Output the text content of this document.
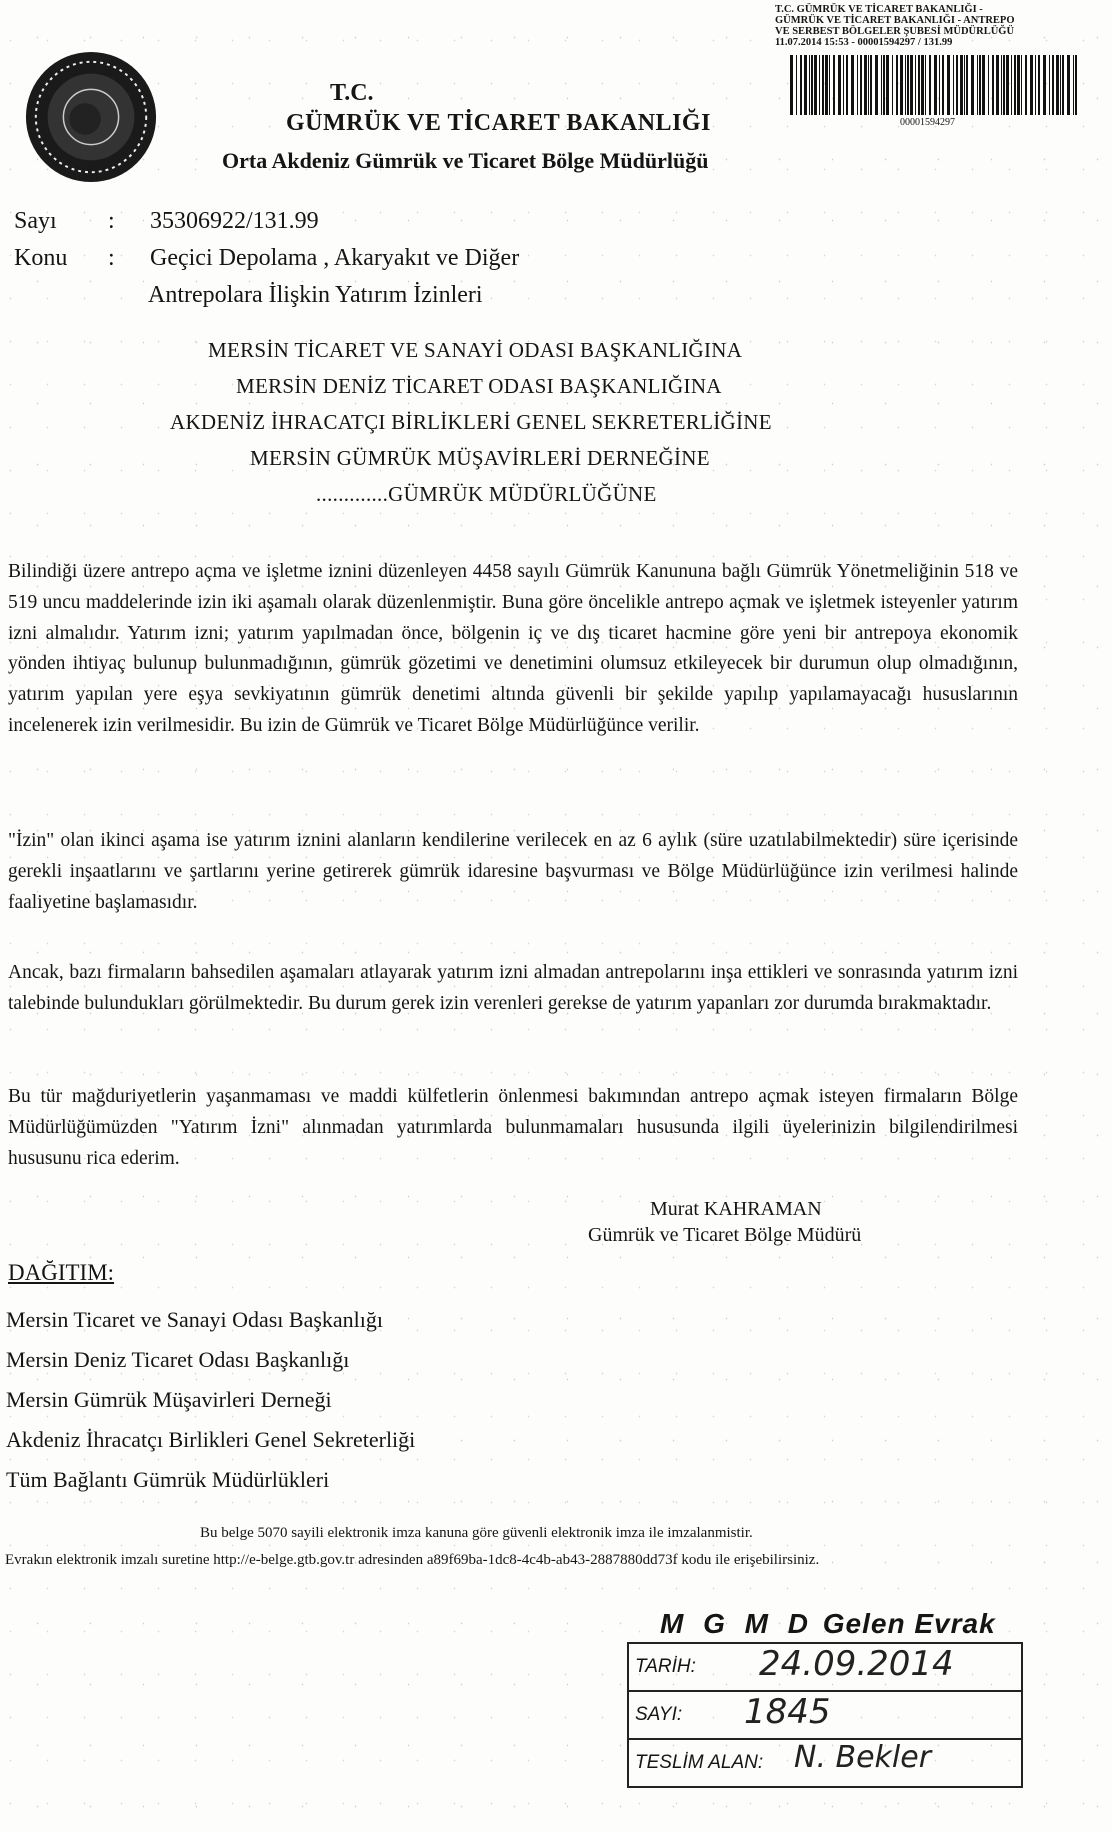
T.C. GÜMRÜK VE TİCARET BAKANLIĞI -
GÜMRÜK VE TİCARET BAKANLIĞI - ANTREPO
VE SERBEST BÖLGELER ŞUBESİ MÜDÜRLÜĞÜ
11.07.2014 15:53 - 00001594297 / 131.99
00001594297
T.C.
GÜMRÜK VE TİCARET BAKANLIĞI
Orta Akdeniz Gümrük ve Ticaret Bölge Müdürlüğü
Sayı : 35306922/131.99
Konu : Geçici Depolama , Akaryakıt ve Diğer
Antrepolara İlişkin Yatırım İzinleri
MERSİN TİCARET VE SANAYİ ODASI BAŞKANLIĞINA
MERSİN DENİZ TİCARET ODASI BAŞKANLIĞINA
AKDENİZ İHRACATÇI BİRLİKLERİ GENEL SEKRETERLİĞİNE
MERSİN GÜMRÜK MÜŞAVİRLERİ DERNEĞİNE
.............GÜMRÜK MÜDÜRLÜĞÜNE

Bilindiği üzere antrepo açma ve işletme iznini düzenleyen 4458 sayılı Gümrük Kanununa bağlı Gümrük Yönetmeliğinin 518 ve 519 uncu maddelerinde izin iki aşamalı olarak düzenlenmiştir. Buna göre öncelikle antrepo açmak ve işletmek isteyenler yatırım izni almalıdır. Yatırım izni; yatırım yapılmadan önce, bölgenin iç ve dış ticaret hacmine göre yeni bir antrepoya ekonomik yönden ihtiyaç bulunup bulunmadığının, gümrük gözetimi ve denetimini olumsuz etkileyecek bir durumun olup olmadığının, yatırım yapılan yere eşya sevkiyatının gümrük denetimi altında güvenli bir şekilde yapılıp yapılamayacağı hususlarının incelenerek izin verilmesidir. Bu izin de Gümrük ve Ticaret Bölge Müdürlüğünce verilir.

"İzin" olan ikinci aşama ise yatırım iznini alanların kendilerine verilecek en az 6 aylık (süre uzatılabilmektedir) süre içerisinde gerekli inşaatlarını ve şartlarını yerine getirerek gümrük idaresine başvurması ve Bölge Müdürlüğünce izin verilmesi halinde faaliyetine başlamasıdır.

Ancak, bazı firmaların bahsedilen aşamaları atlayarak yatırım izni almadan antrepolarını inşa ettikleri ve sonrasında yatırım izni talebinde bulundukları görülmektedir. Bu durum gerek izin verenleri gerekse de yatırım yapanları zor durumda bırakmaktadır.

Bu tür mağduriyetlerin yaşanmaması ve maddi külfetlerin önlenmesi bakımından antrepo açmak isteyen firmaların Bölge Müdürlüğümüzden "Yatırım İzni" alınmadan yatırımlarda bulunmamaları hususunda ilgili üyelerinizin bilgilendirilmesi hususunu rica ederim.

Murat KAHRAMAN
Gümrük ve Ticaret Bölge Müdürü
DAĞITIM:
Mersin Ticaret ve Sanayi Odası Başkanlığı
Mersin Deniz Ticaret Odası Başkanlığı
Mersin Gümrük Müşavirleri Derneği
Akdeniz İhracatçı Birlikleri Genel Sekreterliği
Tüm Bağlantı Gümrük Müdürlükleri
Bu belge 5070 sayili elektronik imza kanuna göre güvenli elektronik imza ile imzalanmistir.
Evrakın elektronik imzalı suretine http://e-belge.gtb.gov.tr adresinden a89f69ba-1dc8-4c4b-ab43-2887880dd73f kodu ile erişebilirsiniz.
M G M D Gelen Evrak
TARİH: 24.09.2014
SAYI: 1845
TESLİM ALAN: N. Bekler
